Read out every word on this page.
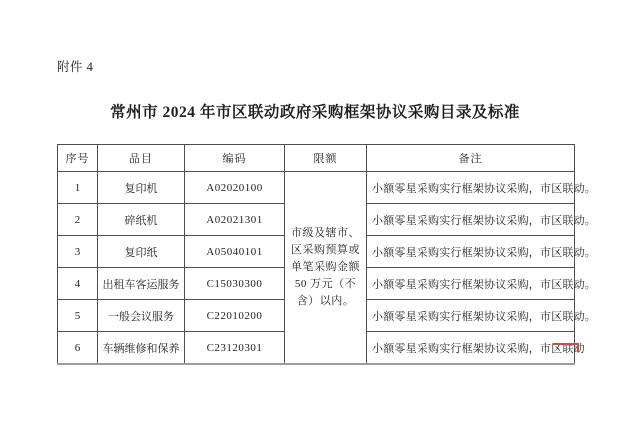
附件 4
常州市 2024 年市区联动政府采购框架协议采购目录及标准
序号	品目	编码	限额	备注
1	复印机	A02020100	市级及辖市、区采购预算或单笔采购金额 50 万元（不含）以内。	小额零星采购实行框架协议采购，市区联动。
2	碎纸机	A02021301		小额零星采购实行框架协议采购，市区联动。
3	复印纸	A05040101		小额零星采购实行框架协议采购，市区联动。
4	出租车客运服务	C15030300		小额零星采购实行框架协议采购，市区联动。
5	一般会议服务	C22010200		小额零星采购实行框架协议采购，市区联动。
6	车辆维修和保养	C23120301		小额零星采购实行框架协议采购，市区联动
